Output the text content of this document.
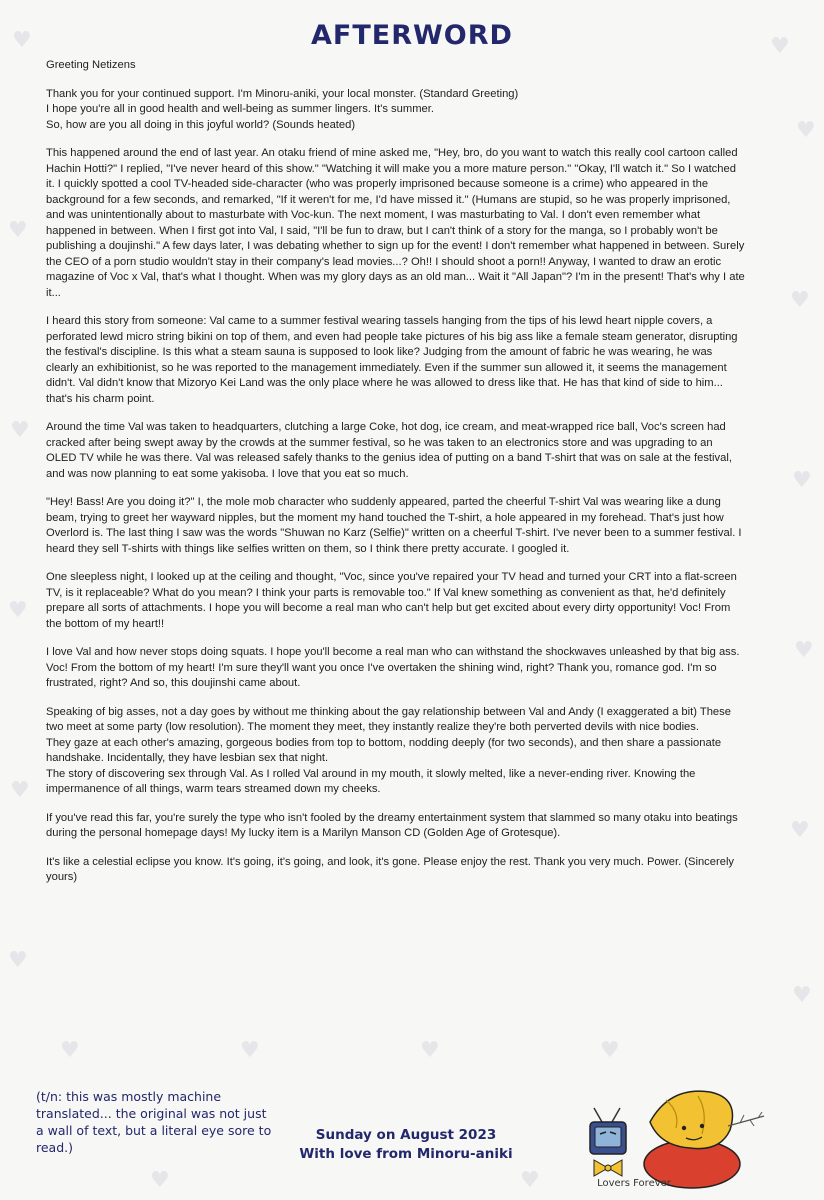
♥	♥
♥
♥
♥
♥
♥
♥
♥
♥
♥
♥
♥
♥	♥	♥	♥
♥	♥
AFTERWORD

Greeting Netizens

Thank you for your continued support. I'm Minoru-aniki, your local monster. (Standard Greeting)
I hope you're all in good health and well-being as summer lingers. It's summer.
So, how are you all doing in this joyful world? (Sounds heated)

This happened around the end of last year. An otaku friend of mine asked me, "Hey, bro, do you want to watch this really cool cartoon called Hachin Hotti?" I replied, "I've never heard of this show." "Watching it will make you a more mature person." "Okay, I'll watch it." So I watched it. I quickly spotted a cool TV-headed side-character (who was properly imprisoned because someone is a crime) who appeared in the background for a few seconds, and remarked, "If it weren't for me, I'd have missed it." (Humans are stupid, so he was properly imprisoned, and was unintentionally about to masturbate with Voc-kun. The next moment, I was masturbating to Val. I don't even remember what happened in between. When I first got into Val, I said, "I'll be fun to draw, but I can't think of a story for the manga, so I probably won't be publishing a doujinshi." A few days later, I was debating whether to sign up for the event! I don't remember what happened in between. Surely the CEO of a porn studio wouldn't stay in their company's lead movies...? Oh!! I should shoot a porn!! Anyway, I wanted to draw an erotic magazine of Voc x Val, that's what I thought. When was my glory days as an old man... Wait it "All Japan"? I'm in the present! That's why I ate it...

I heard this story from someone: Val came to a summer festival wearing tassels hanging from the tips of his lewd heart nipple covers, a perforated lewd micro string bikini on top of them, and even had people take pictures of his big ass like a female steam generator, disrupting the festival's discipline. Is this what a steam sauna is supposed to look like? Judging from the amount of fabric he was wearing, he was clearly an exhibitionist, so he was reported to the management immediately. Even if the summer sun allowed it, it seems the management didn't. Val didn't know that Mizoryo Kei Land was the only place where he was allowed to dress like that. He has that kind of side to him... that's his charm point.

Around the time Val was taken to headquarters, clutching a large Coke, hot dog, ice cream, and meat-wrapped rice ball, Voc's screen had cracked after being swept away by the crowds at the summer festival, so he was taken to an electronics store and was upgrading to an OLED TV while he was there. Val was released safely thanks to the genius idea of putting on a band T-shirt that was on sale at the festival, and was now planning to eat some yakisoba. I love that you eat so much.

"Hey! Bass! Are you doing it?" I, the mole mob character who suddenly appeared, parted the cheerful T-shirt Val was wearing like a dung beam, trying to greet her wayward nipples, but the moment my hand touched the T-shirt, a hole appeared in my forehead. That's just how Overlord is. The last thing I saw was the words "Shuwan no Karz (Selfie)" written on a cheerful T-shirt. I've never been to a summer festival. I heard they sell T-shirts with things like selfies written on them, so I think there pretty accurate. I googled it.

One sleepless night, I looked up at the ceiling and thought, "Voc, since you've repaired your TV head and turned your CRT into a flat-screen TV, is it replaceable? What do you mean? I think your parts is removable too." If Val knew something as convenient as that, he'd definitely prepare all sorts of attachments. I hope you will become a real man who can't help but get excited about every dirty opportunity! Voc! From the bottom of my heart!!

I love Val and how never stops doing squats. I hope you'll become a real man who can withstand the shockwaves unleashed by that big ass. Voc! From the bottom of my heart! I'm sure they'll want you once I've overtaken the shining wind, right? Thank you, romance god. I'm so frustrated, right? And so, this doujinshi came about.

Speaking of big asses, not a day goes by without me thinking about the gay relationship between Val and Andy (I exaggerated a bit) These two meet at some party (low resolution). The moment they meet, they instantly realize they're both perverted devils with nice bodies.
They gaze at each other's amazing, gorgeous bodies from top to bottom, nodding deeply (for two seconds), and then share a passionate handshake. Incidentally, they have lesbian sex that night.
The story of discovering sex through Val. As I rolled Val around in my mouth, it slowly melted, like a never-ending river. Knowing the impermanence of all things, warm tears streamed down my cheeks.

If you've read this far, you're surely the type who isn't fooled by the dreamy entertainment system that slammed so many otaku into beatings during the personal homepage days! My lucky item is a Marilyn Manson CD (Golden Age of Grotesque).

It's like a celestial eclipse you know. It's going, it's going, and look, it's gone. Please enjoy the rest. Thank you very much. Power. (Sincerely yours)

(t/n: this was mostly machine translated... the original was not just a wall of text, but a literal eye sore to read.)
Sunday on August 2023
With love from Minoru-aniki
Lovers Forever
